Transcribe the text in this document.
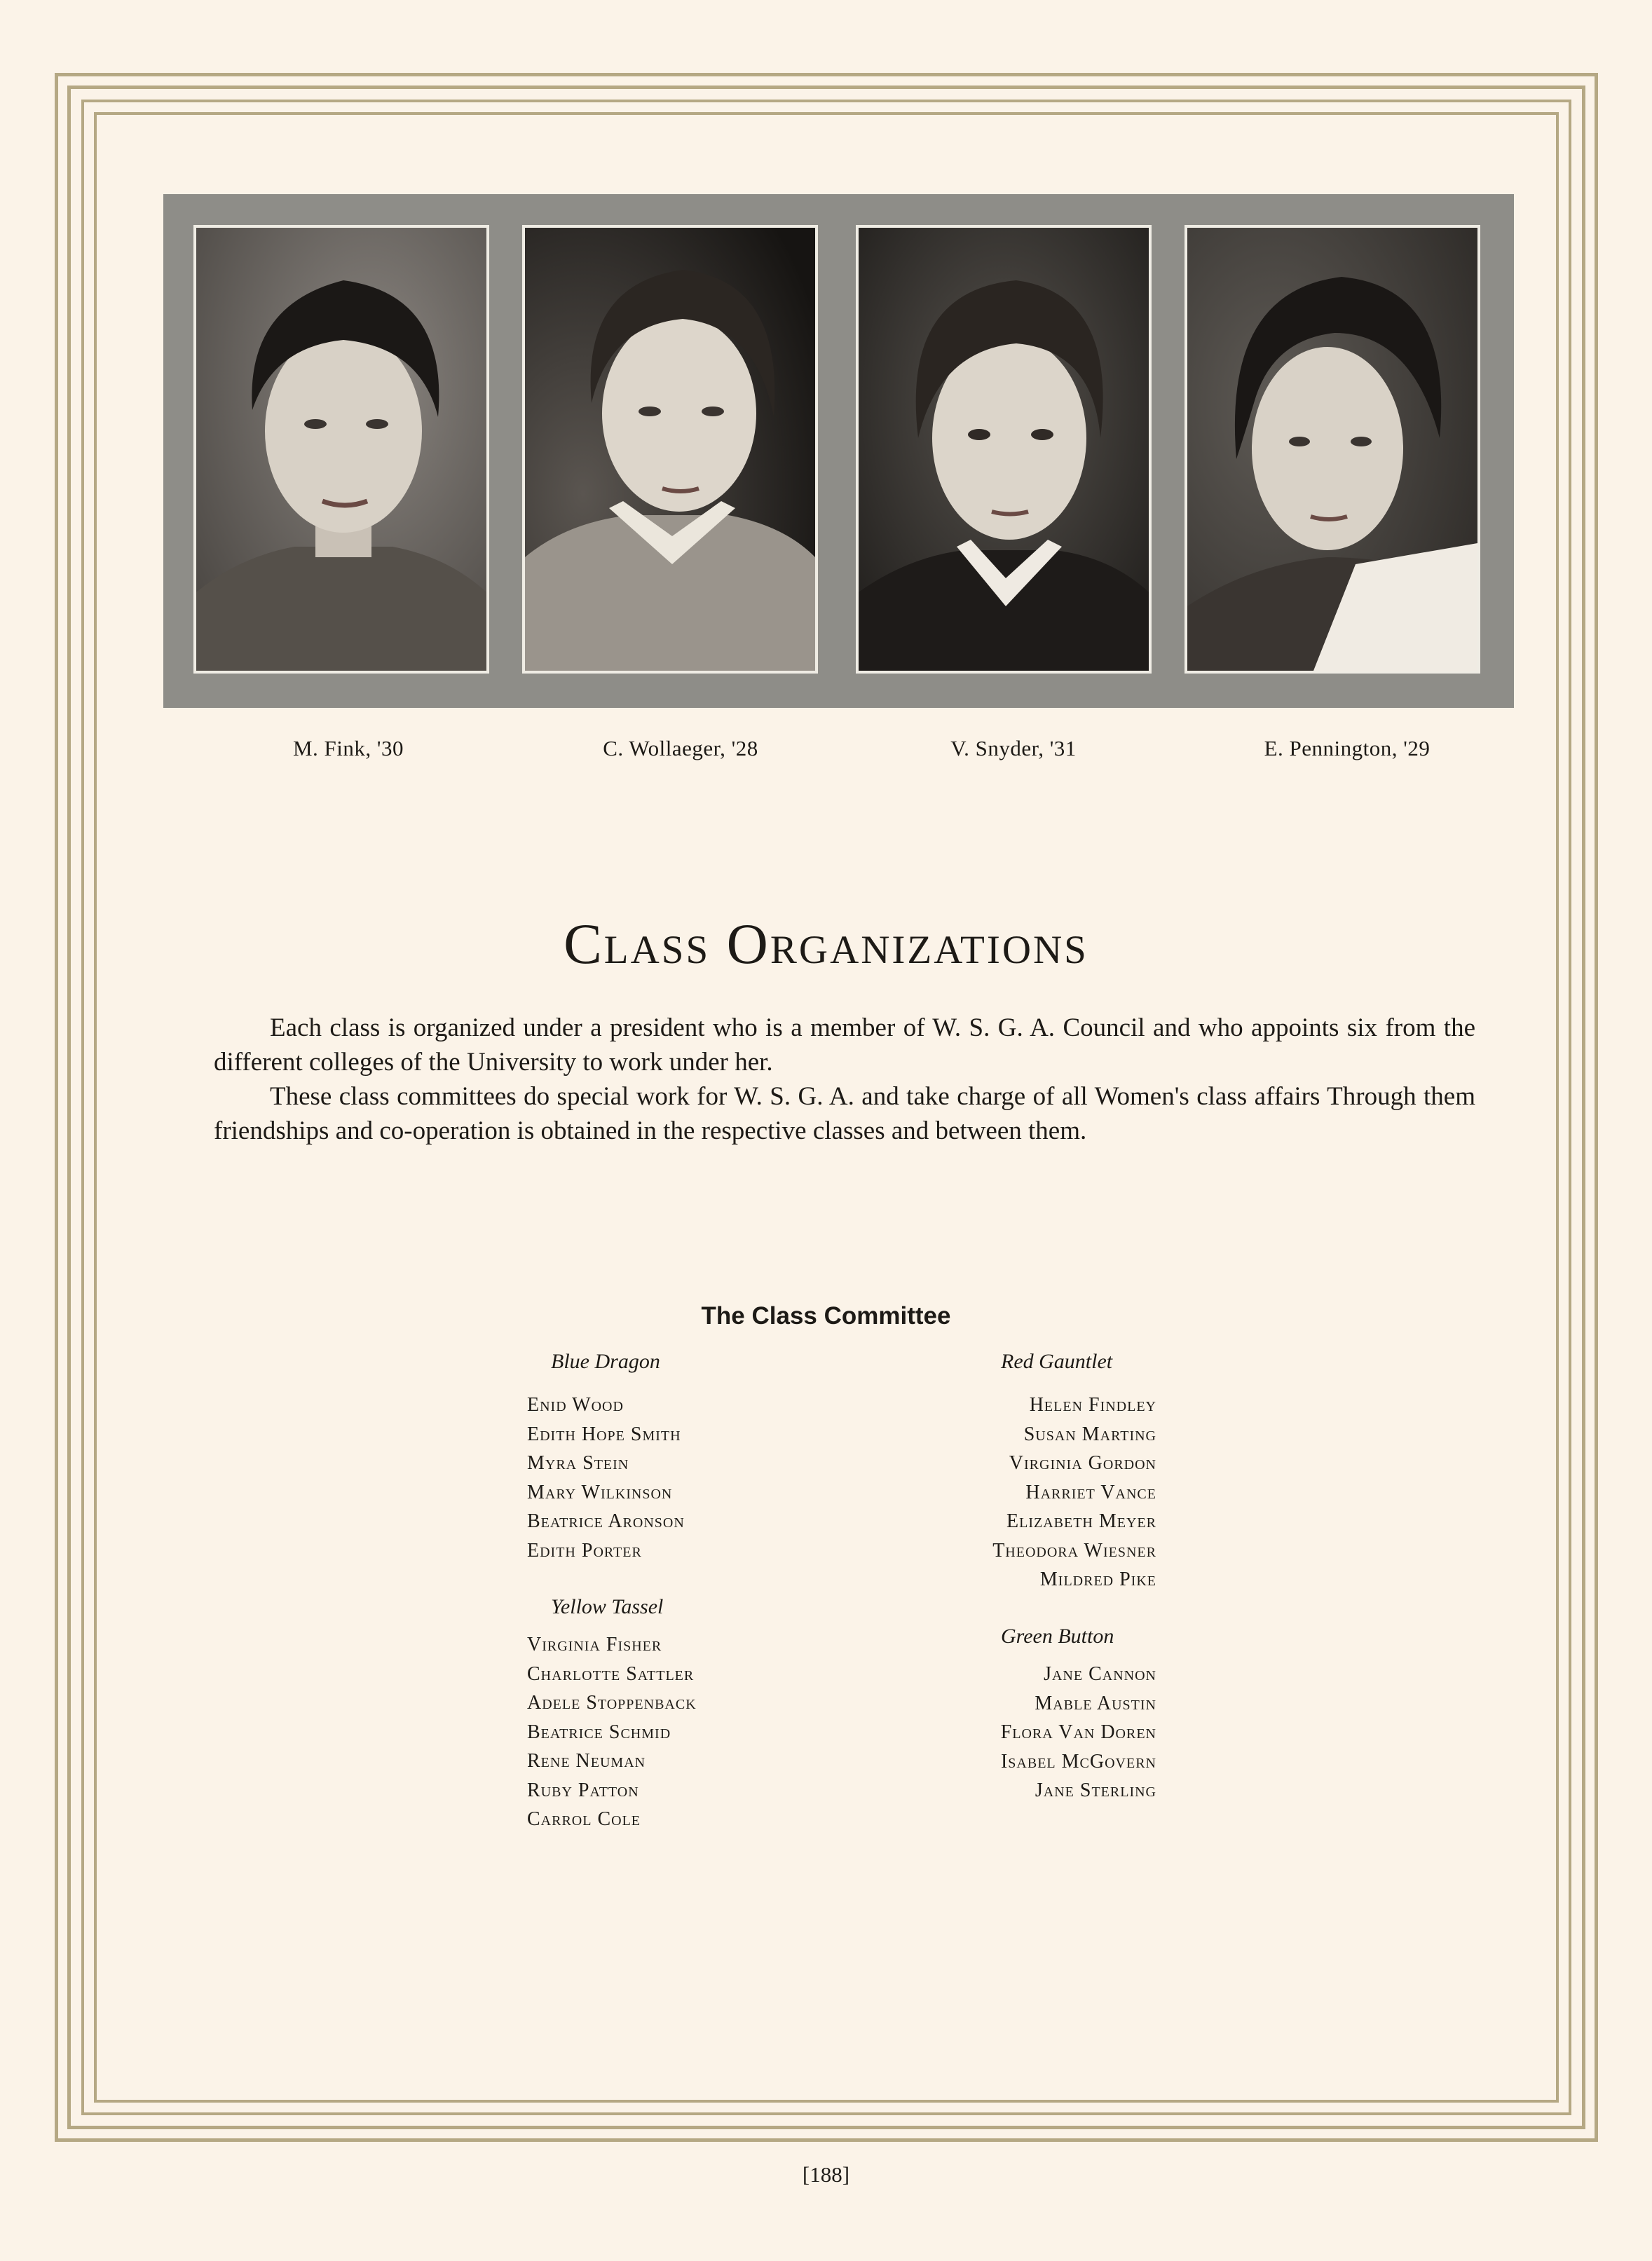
M. Fink, '30	C. Wollaeger, '28	V. Snyder, '31	E. Pennington, '29
Class Organizations

Each class is organized under a president who is a member of W. S. G. A. Council and who appoints six from the different colleges of the University to work under her.

These class committees do special work for W. S. G. A. and take charge of all Women's class affairs Through them friendships and co-operation is obtained in the respective classes and between them.

The Class Committee
Blue Dragon
Enid Wood
Edith Hope Smith
Myra Stein
Mary Wilkinson
Beatrice Aronson
Edith Porter
Yellow Tassel
Virginia Fisher
Charlotte Sattler
Adele Stoppenback
Beatrice Schmid
Rene Neuman
Ruby Patton
Carrol Cole
Red Gauntlet
Helen Findley
Susan Marting
Virginia Gordon
Harriet Vance
Elizabeth Meyer
Theodora Wiesner
Mildred Pike
Green Button
Jane Cannon
Mable Austin
Flora Van Doren
Isabel McGovern
Jane Sterling
[188]
